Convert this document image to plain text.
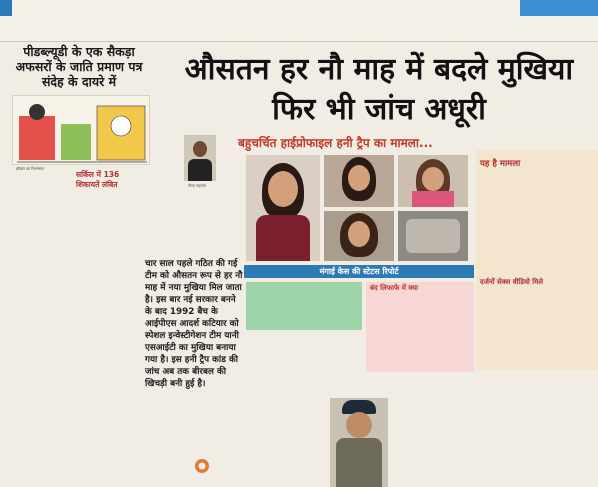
पीडब्ल्यूडी के एक सैकड़ा अफसरों के जाति प्रमाण पत्र संदेह के दायरे में
कौवान का विश्लेषण
गौरव गहलोत
सर्किल में 136 शिकायतें लंबित
औसतन हर नौ माह में बदले मुखिया
फिर भी जांच अधूरी
बहुचर्चित हाईप्रोफाइल हनी ट्रैप का मामला...
चार साल पहले गठित की गई टीम को औसतन रूप से हर नौ माह में नया मुखिया मिल जाता है। इस बार नई सरकार बनने के बाद 1992 बैच के आईपीएस आदर्श कटियार को स्पेशल इन्वेस्टीगेशन टीम यानी एसआईटी का मुखिया बनाया गया है। इस हनी ट्रैप कांड की जांच अब तक बीरबल की खिचड़ी बनी हुई है।
मंगाई केस की स्टेटस रिपोर्ट
बंद लिफाफे में क्या
यह है मामला
दर्जनों सेक्स वीडियो मिले
